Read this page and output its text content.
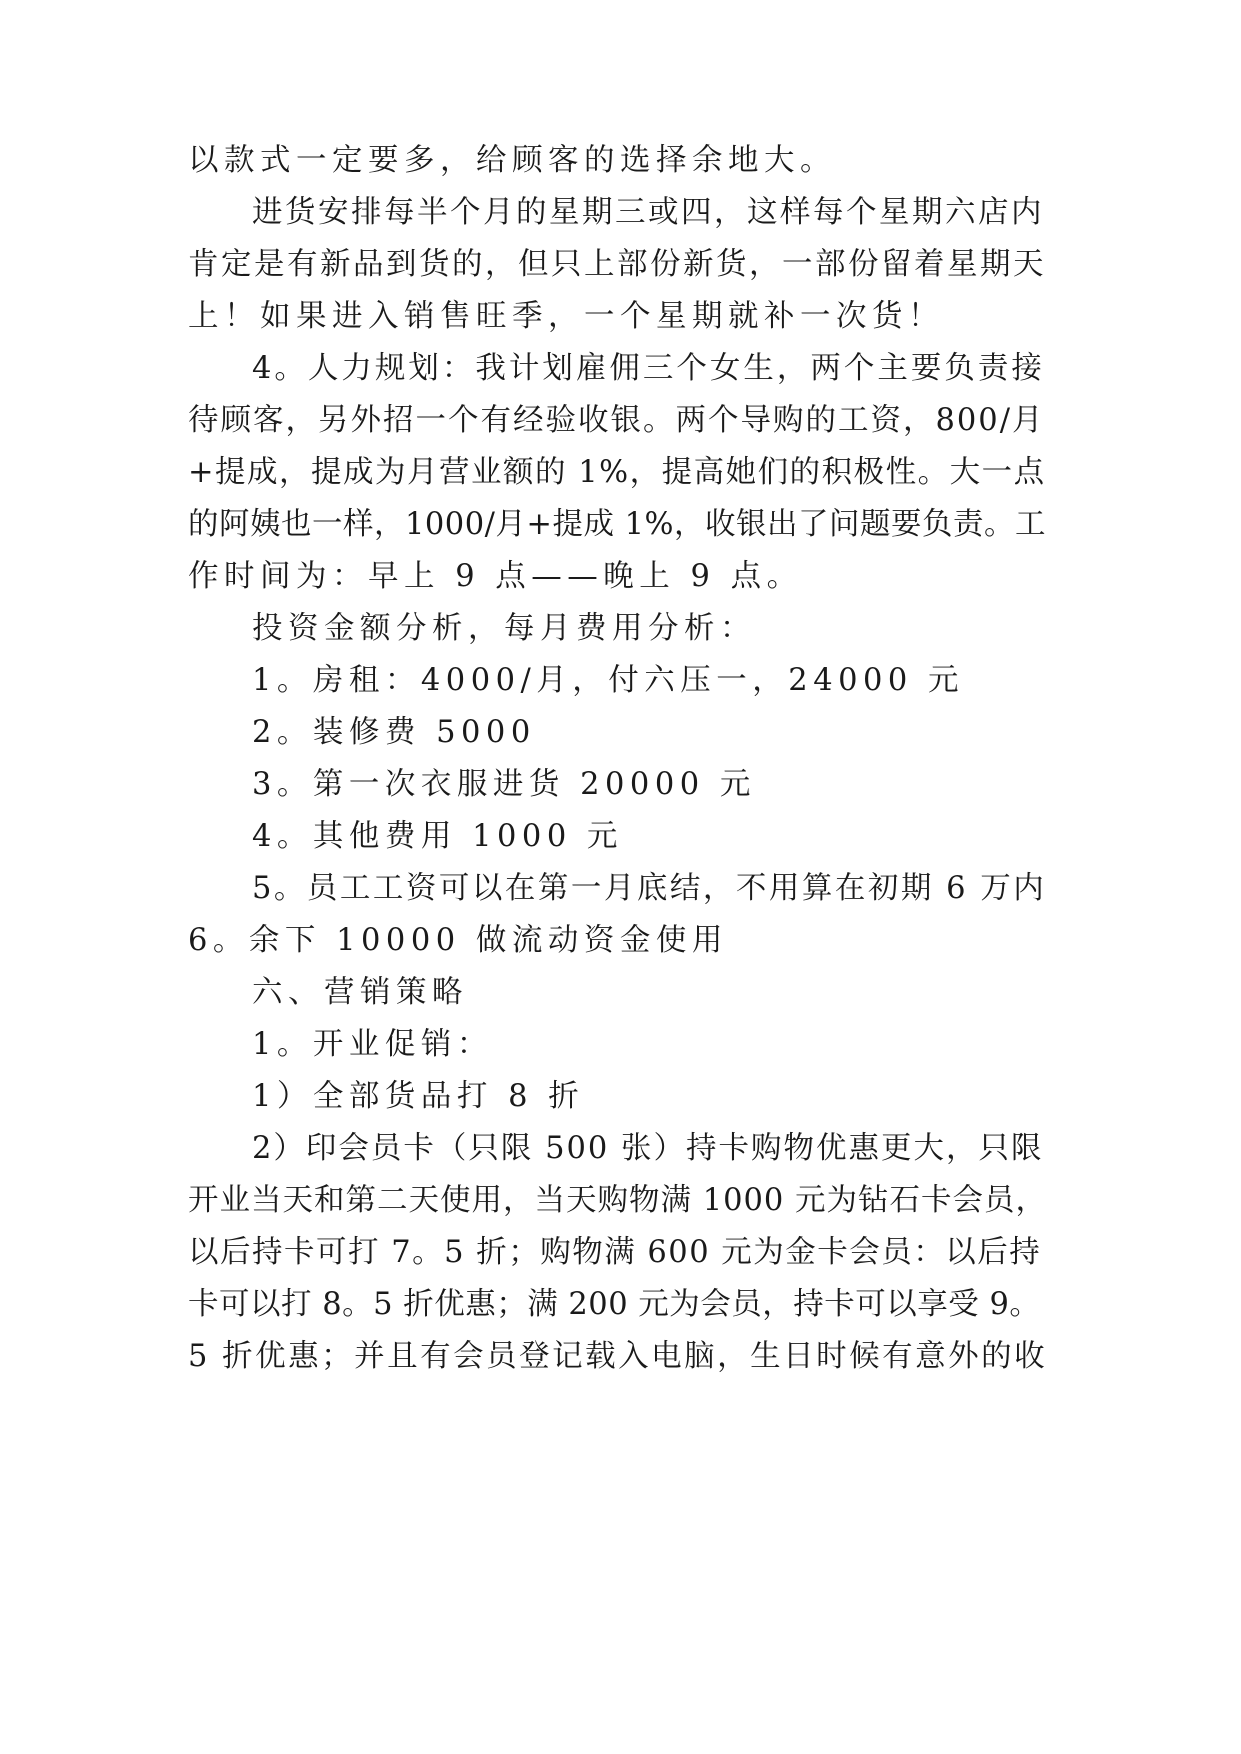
以款式一定要多，给顾客的选择余地大。
进货安排每半个月的星期三或四，这样每个星期六店内
肯定是有新品到货的，但只上部份新货，一部份留着星期天
上！如果进入销售旺季，一个星期就补一次货！
4。人力规划：我计划雇佣三个女生，两个主要负责接
待顾客，另外招一个有经验收银。两个导购的工资，800/月
+提成，提成为月营业额的 1%，提高她们的积极性。大一点
的阿姨也一样，1000/月+提成 1%，收银出了问题要负责。工
作时间为：早上 9 点——晚上 9 点。
投资金额分析，每月费用分析：
1。房租：4000/月，付六压一，24000 元
2。装修费 5000
3。第一次衣服进货 20000 元
4。其他费用 1000 元
5。员工工资可以在第一月底结，不用算在初期 6 万内
6。余下 10000 做流动资金使用
六、营销策略
1。开业促销：
1）全部货品打 8 折
2）印会员卡（只限 500 张）持卡购物优惠更大，只限
开业当天和第二天使用，当天购物满 1000 元为钻石卡会员，
以后持卡可打 7。5 折；购物满 600 元为金卡会员：以后持
卡可以打 8。5 折优惠；满 200 元为会员，持卡可以享受 9。
5 折优惠；并且有会员登记载入电脑，生日时候有意外的收
